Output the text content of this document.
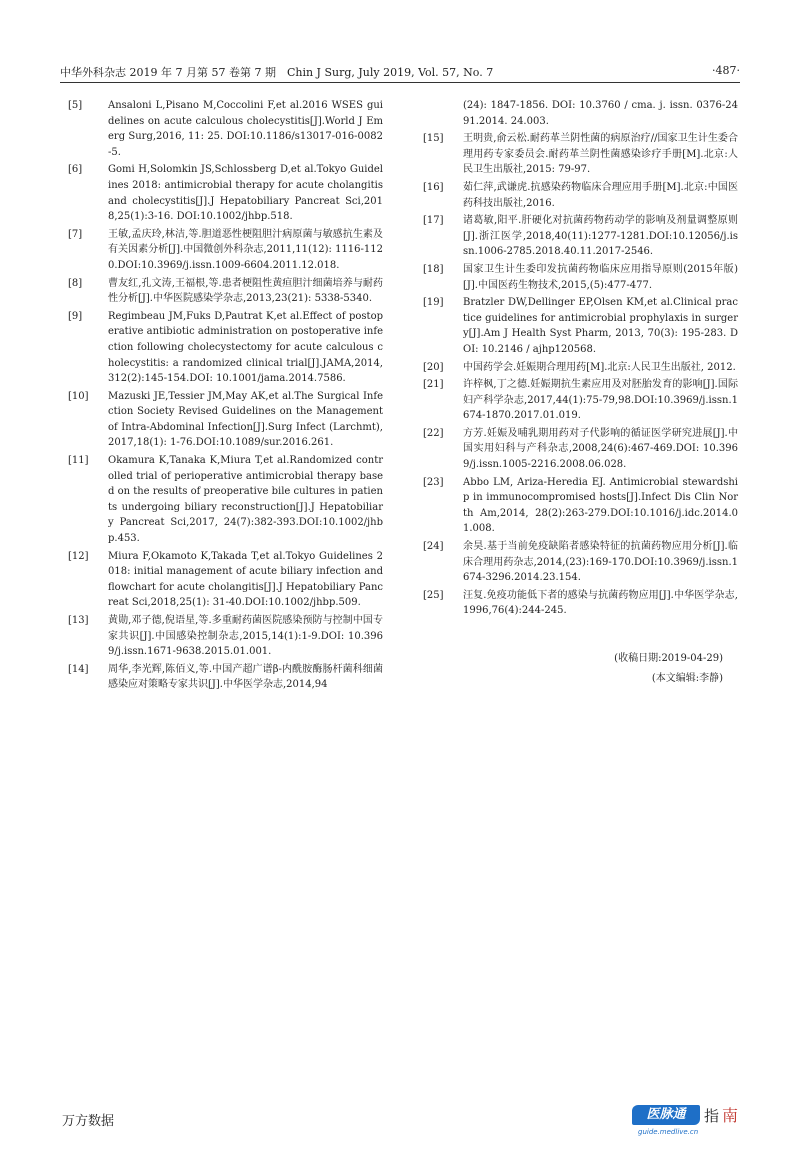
中华外科杂志 2019 年 7 月第 57 卷第 7 期　Chin J Surg, July 2019, Vol. 57, No. 7	·487·
[5]	Ansaloni L,Pisano M,Coccolini F,et al.2016 WSES guidelines on acute calculous cholecystitis[J].World J Emerg Surg,2016, 11: 25. DOI:10.1186/s13017-016-0082-5.
[6]	Gomi H,Solomkin JS,Schlossberg D,et al.Tokyo Guidelines 2018: antimicrobial therapy for acute cholangitis and cholecystitis[J].J Hepatobiliary Pancreat Sci,2018,25(1):3-16. DOI:10.1002/jhbp.518.
[7]	王敏,孟庆玲,林洁,等.胆道恶性梗阻胆汁病原菌与敏感抗生素及有关因素分析[J].中国微创外科杂志,2011,11(12): 1116-1120.DOI:10.3969/j.issn.1009-6604.2011.12.018.
[8]	曹友红,孔文涛,王福根,等.患者梗阻性黄疸胆汁细菌培养与耐药性分析[J].中华医院感染学杂志,2013,23(21): 5338-5340.
[9]	Regimbeau JM,Fuks D,Pautrat K,et al.Effect of postoperative antibiotic administration on postoperative infection following cholecystectomy for acute calculous cholecystitis: a randomized clinical trial[J].JAMA,2014,312(2):145-154.DOI: 10.1001/jama.2014.7586.
[10]	Mazuski JE,Tessier JM,May AK,et al.The Surgical Infection Society Revised Guidelines on the Management of Intra-Abdominal Infection[J].Surg Infect (Larchmt),2017,18(1): 1-76.DOI:10.1089/sur.2016.261.
[11]	Okamura K,Tanaka K,Miura T,et al.Randomized controlled trial of perioperative antimicrobial therapy based on the results of preoperative bile cultures in patients undergoing biliary reconstruction[J].J Hepatobiliary Pancreat Sci,2017, 24(7):382-393.DOI:10.1002/jhbp.453.
[12]	Miura F,Okamoto K,Takada T,et al.Tokyo Guidelines 2018: initial management of acute biliary infection and flowchart for acute cholangitis[J].J Hepatobiliary Pancreat Sci,2018,25(1): 31-40.DOI:10.1002/jhbp.509.
[13]	黄勋,邓子德,倪语星,等.多重耐药菌医院感染预防与控制中国专家共识[J].中国感染控制杂志,2015,14(1):1-9.DOI: 10.3969/j.issn.1671-9638.2015.01.001.
[14]	周华,李光辉,陈佰义,等.中国产超广谱β-内酰胺酶肠杆菌科细菌感染应对策略专家共识[J].中华医学杂志,2014,94
(24): 1847-1856. DOI: 10.3760 / cma. j. issn. 0376-2491.2014. 24.003.
[15]	王明贵,俞云松.耐药革兰阴性菌的病原治疗//国家卫生计生委合理用药专家委员会.耐药革兰阴性菌感染诊疗手册[M].北京:人民卫生出版社,2015: 79-97.
[16]	茹仁萍,武谦虎.抗感染药物临床合理应用手册[M].北京:中国医药科技出版社,2016.
[17]	诸葛敏,阳平.肝硬化对抗菌药物药动学的影响及剂量调整原则[J].浙江医学,2018,40(11):1277-1281.DOI:10.12056/j.issn.1006-2785.2018.40.11.2017-2546.
[18]	国家卫生计生委印发抗菌药物临床应用指导原则(2015年版)[J].中国医药生物技术,2015,(5):477-477.
[19]	Bratzler DW,Dellinger EP,Olsen KM,et al.Clinical practice guidelines for antimicrobial prophylaxis in surgery[J].Am J Health Syst Pharm, 2013, 70(3): 195-283. DOI: 10.2146 / ajhp120568.
[20]	中国药学会.妊娠期合理用药[M].北京:人民卫生出版社, 2012.
[21]	许梓枫,丁之德.妊娠期抗生素应用及对胚胎发育的影响[J].国际妇产科学杂志,2017,44(1):75-79,98.DOI:10.3969/j.issn.1674-1870.2017.01.019.
[22]	方芳.妊娠及哺乳期用药对子代影响的循证医学研究进展[J].中国实用妇科与产科杂志,2008,24(6):467-469.DOI: 10.3969/j.issn.1005-2216.2008.06.028.
[23]	Abbo LM, Ariza-Heredia EJ. Antimicrobial stewardship in immunocompromised hosts[J].Infect Dis Clin North Am,2014, 28(2):263-279.DOI:10.1016/j.idc.2014.01.008.
[24]	余昊.基于当前免疫缺陷者感染特征的抗菌药物应用分析[J].临床合理用药杂志,2014,(23):169-170.DOI:10.3969/j.issn.1674-3296.2014.23.154.
[25]	汪复.免疫功能低下者的感染与抗菌药物应用[J].中华医学杂志,1996,76(4):244-245.
(收稿日期:2019-04-29)
(本文编辑:李静)
万方数据	医脉通	指 南
guide.medlive.cn
